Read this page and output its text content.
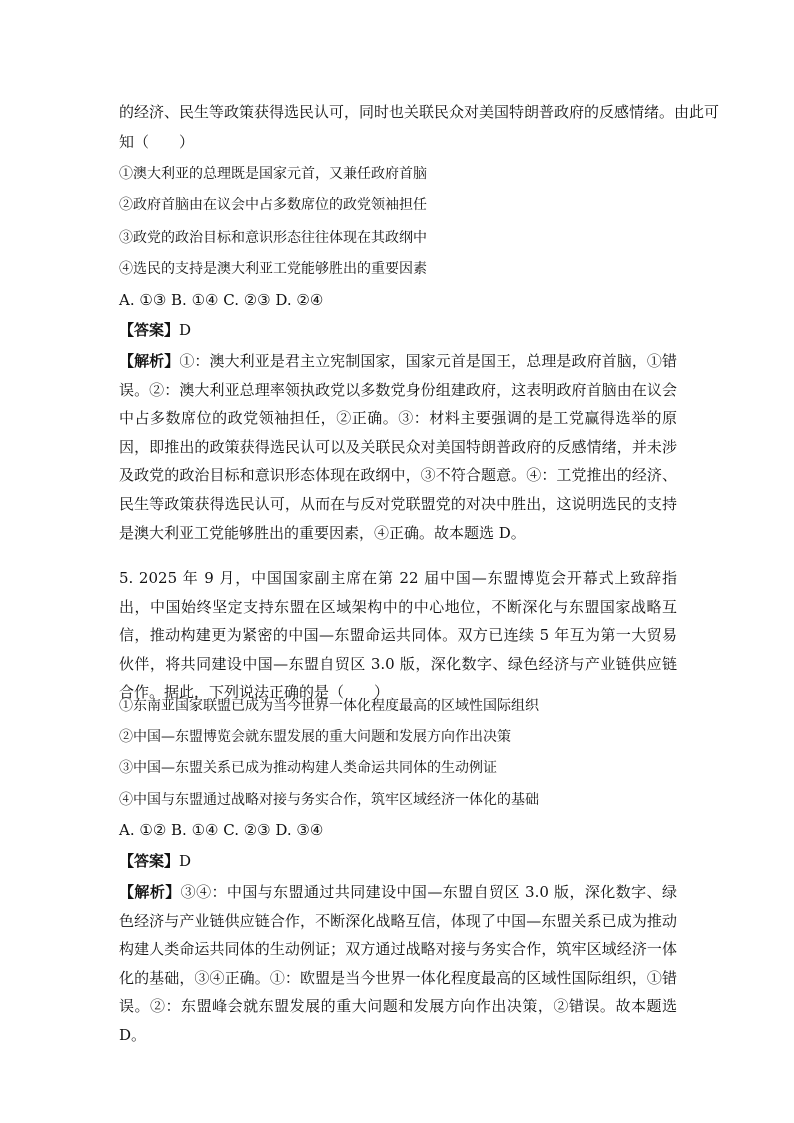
的经济、民生等政策获得选民认可，同时也关联民众对美国特朗普政府的反感情绪。由此可
知（　　）
①澳大利亚的总理既是国家元首，又兼任政府首脑
②政府首脑由在议会中占多数席位的政党领袖担任
③政党的政治目标和意识形态往往体现在其政纲中
④选民的支持是澳大利亚工党能够胜出的重要因素
A. ①③ B. ①④ C. ②③ D. ②④
【答案】D
【解析】①：澳大利亚是君主立宪制国家，国家元首是国王，总理是政府首脑，①错误。②：澳大利亚总理率领执政党以多数党身份组建政府，这表明政府首脑由在议会中占多数席位的政党领袖担任，②正确。③：材料主要强调的是工党赢得选举的原因，即推出的政策获得选民认可以及关联民众对美国特朗普政府的反感情绪，并未涉及政党的政治目标和意识形态体现在政纲中，③不符合题意。④：工党推出的经济、民生等政策获得选民认可，从而在与反对党联盟党的对决中胜出，这说明选民的支持是澳大利亚工党能够胜出的重要因素，④正确。故本题选 D。
5. 2025 年 9 月，中国国家副主席在第 22 届中国—东盟博览会开幕式上致辞指出，中国始终坚定支持东盟在区域架构中的中心地位，不断深化与东盟国家战略互信，推动构建更为紧密的中国—东盟命运共同体。双方已连续 5 年互为第一大贸易伙伴，将共同建设中国—东盟自贸区 3.0 版，深化数字、绿色经济与产业链供应链合作。据此，下列说法正确的是（　　）
①东南亚国家联盟已成为当今世界一体化程度最高的区域性国际组织
②中国—东盟博览会就东盟发展的重大问题和发展方向作出决策
③中国—东盟关系已成为推动构建人类命运共同体的生动例证
④中国与东盟通过战略对接与务实合作，筑牢区域经济一体化的基础
A. ①② B. ①④ C. ②③ D. ③④
【答案】D
【解析】③④：中国与东盟通过共同建设中国—东盟自贸区 3.0 版，深化数字、绿色经济与产业链供应链合作，不断深化战略互信，体现了中国—东盟关系已成为推动构建人类命运共同体的生动例证；双方通过战略对接与务实合作，筑牢区域经济一体化的基础，③④正确。①：欧盟是当今世界一体化程度最高的区域性国际组织，①错误。②：东盟峰会就东盟发展的重大问题和发展方向作出决策，②错误。故本题选 D。
